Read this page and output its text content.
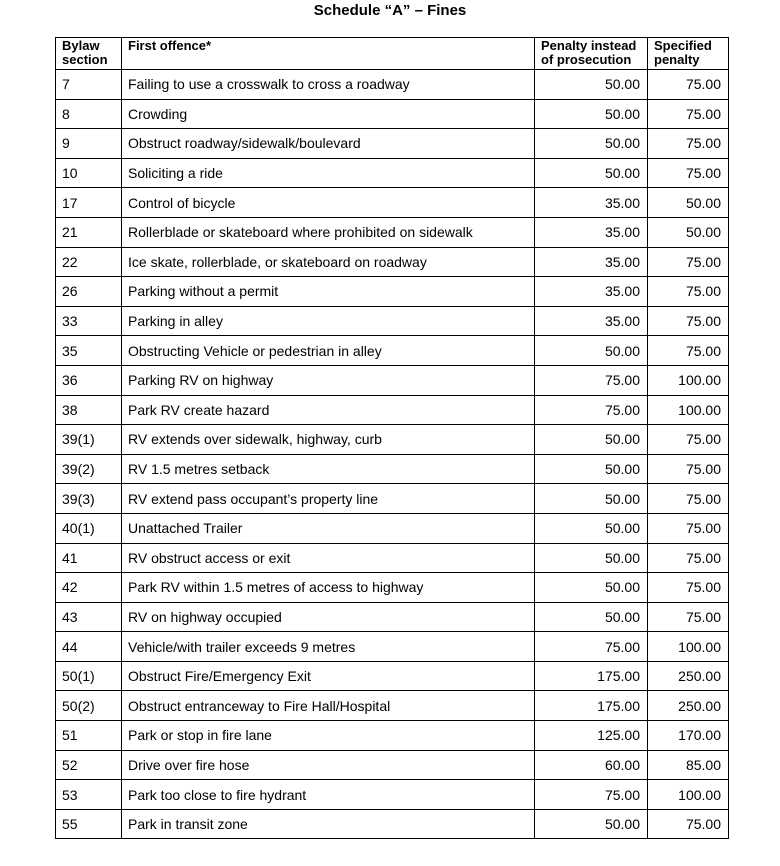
Schedule “A” – Fines
Bylaw section	First offence*	Penalty instead of prosecution	Specified penalty
7	Failing to use a crosswalk to cross a roadway	50.00	75.00
8	Crowding	50.00	75.00
9	Obstruct roadway/sidewalk/boulevard	50.00	75.00
10	Soliciting a ride	50.00	75.00
17	Control of bicycle	35.00	50.00
21	Rollerblade or skateboard where prohibited on sidewalk	35.00	50.00
22	Ice skate, rollerblade, or skateboard on roadway	35.00	75.00
26	Parking without a permit	35.00	75.00
33	Parking in alley	35.00	75.00
35	Obstructing Vehicle or pedestrian in alley	50.00	75.00
36	Parking RV on highway	75.00	100.00
38	Park RV create hazard	75.00	100.00
39(1)	RV extends over sidewalk, highway, curb	50.00	75.00
39(2)	RV 1.5 metres setback	50.00	75.00
39(3)	RV extend pass occupant’s property line	50.00	75.00
40(1)	Unattached Trailer	50.00	75.00
41	RV obstruct access or exit	50.00	75.00
42	Park RV within 1.5 metres of access to highway	50.00	75.00
43	RV on highway occupied	50.00	75.00
44	Vehicle/with trailer exceeds 9 metres	75.00	100.00
50(1)	Obstruct Fire/Emergency Exit	175.00	250.00
50(2)	Obstruct entranceway to Fire Hall/Hospital	175.00	250.00
51	Park or stop in fire lane	125.00	170.00
52	Drive over fire hose	60.00	85.00
53	Park too close to fire hydrant	75.00	100.00
55	Park in transit zone	50.00	75.00
